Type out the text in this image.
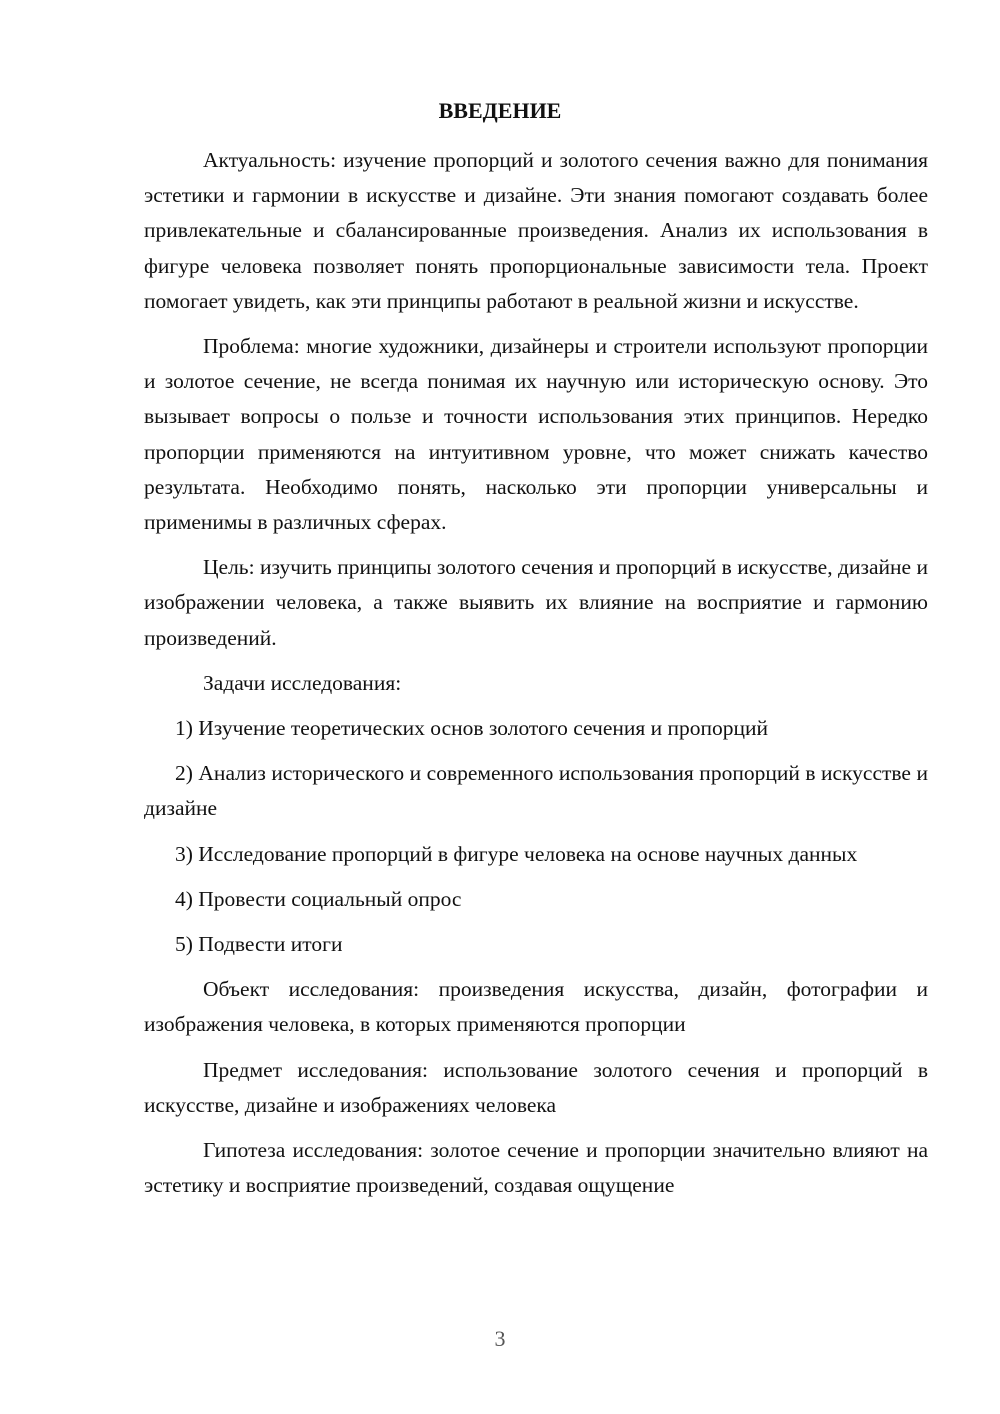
ВВЕДЕНИЕ

Актуальность: изучение пропорций и золотого сечения важно для понимания эстетики и гармонии в искусстве и дизайне. Эти знания помогают создавать более привлекательные и сбалансированные произведения. Анализ их использования в фигуре человека позволяет понять пропорциональные зависимости тела. Проект помогает увидеть, как эти принципы работают в реальной жизни и искусстве.

Проблема: многие художники, дизайнеры и строители используют пропорции и золотое сечение, не всегда понимая их научную или историческую основу. Это вызывает вопросы о пользе и точности использования этих принципов. Нередко пропорции применяются на интуитивном уровне, что может снижать качество результата. Необходимо понять, насколько эти пропорции универсальны и применимы в различных сферах.

Цель: изучить принципы золотого сечения и пропорций в искусстве, дизайне и изображении человека, а также выявить их влияние на восприятие и гармонию произведений.

Задачи исследования:

1) Изучение теоретических основ золотого сечения и пропорций

2) Анализ исторического и современного использования пропорций в искусстве и дизайне

3) Исследование пропорций в фигуре человека на основе научных данных

4) Провести социальный опрос

5) Подвести итоги

Объект исследования: произведения искусства, дизайн, фотографии и изображения человека, в которых применяются пропорции

Предмет исследования: использование золотого сечения и пропорций в искусстве, дизайне и изображениях человека

Гипотеза исследования: золотое сечение и пропорции значительно влияют на эстетику и восприятие произведений, создавая ощущение

3
